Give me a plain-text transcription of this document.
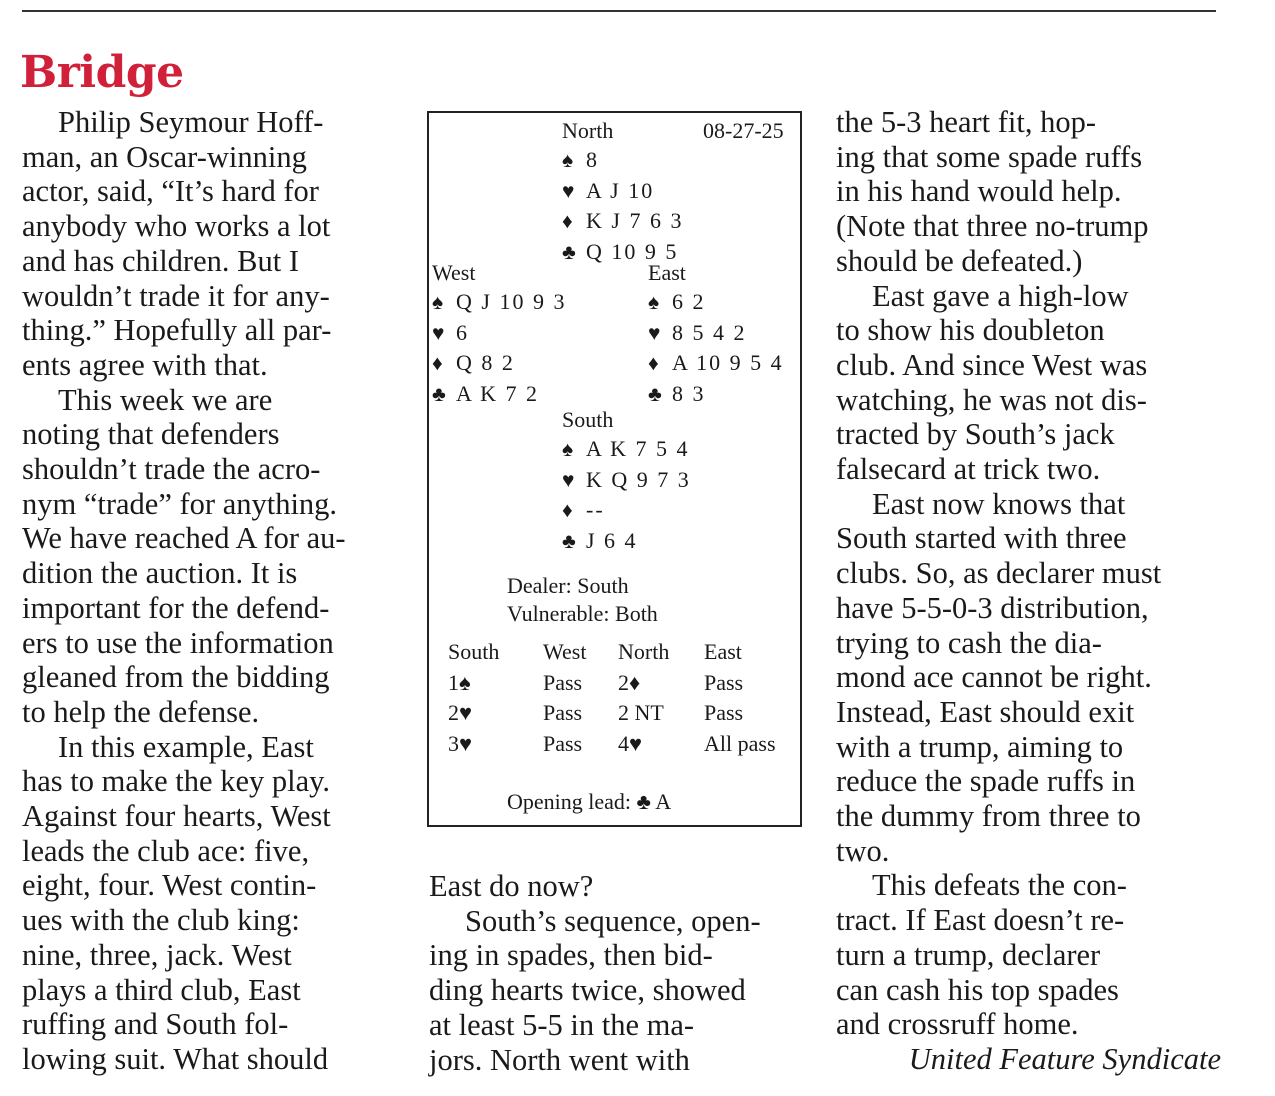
Bridge

Philip Seymour Hoff-

man, an Oscar-winning

actor, said, “It’s hard for

anybody who works a lot

and has children. But I

wouldn’t trade it for any-

thing.” Hopefully all par-

ents agree with that.

This week we are

noting that defenders

shouldn’t trade the acro-

nym “trade” for anything.

We have reached A for au-

dition the auction. It is

important for the defend-

ers to use the information

gleaned from the bidding

to help the defense.

In this example, East

has to make the key play.

Against four hearts, West

leads the club ace: five,

eight, four. West contin-

ues with the club king:

nine, three, jack. West

plays a third club, East

ruffing and South fol-

lowing suit. What should

East do now?

South’s sequence, open-

ing in spades, then bid-

ding hearts twice, showed

at least 5-5 in the ma-

jors. North went with

the 5-3 heart fit, hop-

ing that some spade ruffs

in his hand would help.

(Note that three no-trump

should be defeated.)

East gave a high-low

to show his doubleton

club. And since West was

watching, he was not dis-

tracted by South’s jack

falsecard at trick two.

East now knows that

South started with three

clubs. So, as declarer must

have 5-5-0-3 distribution,

trying to cash the dia-

mond ace cannot be right.

Instead, East should exit

with a trump, aiming to

reduce the spade ruffs in

the dummy from three to

two.

This defeats the con-

tract. If East doesn’t re-

turn a trump, declarer

can cash his top spades

and crossruff home.

United Feature Syndicate

North	08-27-25
♠ 8
♥ A J 10
♦ K J 7 6 3
♣ Q 10 9 5
West
♠ Q J 10 9 3
♥ 6
♦ Q 8 2
♣ A K 7 2
East
♠ 6 2
♥ 8 5 4 2
♦ A 10 9 5 4
♣ 8 3
South
♠ A K 7 5 4
♥ K Q 9 7 3
♦ --
♣ J 6 4
Dealer: South
Vulnerable: Both
South West North East
1♠	Pass 2♦	Pass
2♥	Pass 2 NT Pass
3♥	Pass 4♥	All pass
Opening lead: ♣ A
